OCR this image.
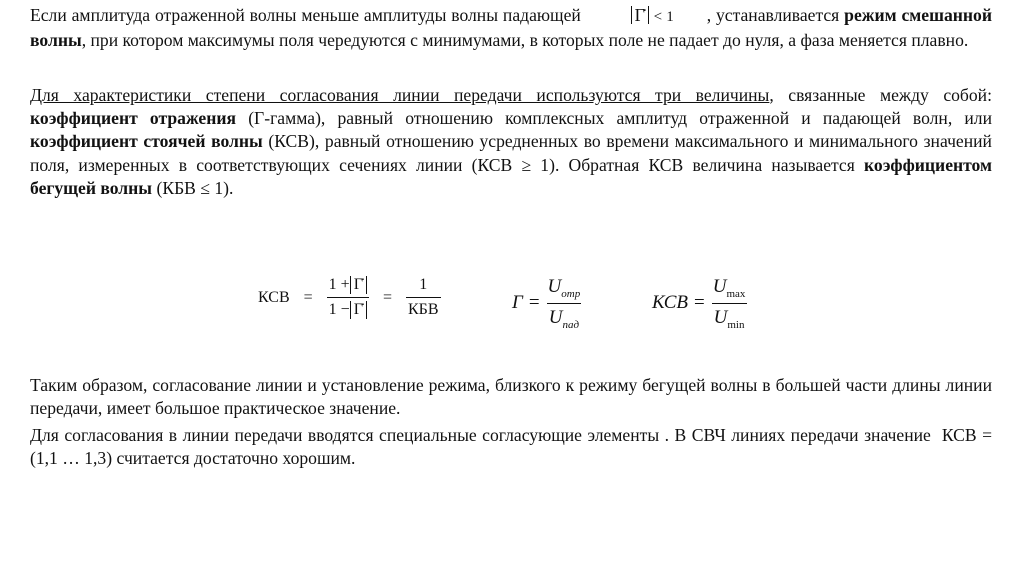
Если амплитуда отраженной волны меньше амплитуды волны падающей	Γ̇ < 1 , устанавливается режим смешанной волны, при котором максимумы поля чередуются с минимумами, в которых поле не падает до нуля, а фаза меняется плавно.
Для характеристики степени согласования линии передачи используются три величины, связанные между собой: коэффициент отражения (Г-гамма), равный отношению комплексных амплитуд отраженной и падающей волн, или коэффициент стоячей волны (КСВ), равный отношению усредненных во времени максимального и минимального значений поля, измеренных в соответствующих сечениях линии (КСВ ≥ 1). Обратная КСВ величина называется коэффициентом бегущей волны (КБВ ≤ 1).
КСВ = $\frac{1 + \Gammȧ}{1 - \Gammȧ} = \frac{1}{\text{КБВ}}$	$Г = \frac{U_{отр}}{U_{пад}}$	КСВ = $\frac{U_{max}}{U_{min}}$
Таким образом, согласование линии и установление режима, близкого к режиму бегущей волны в большей части длины линии передачи, имеет большое практическое значение.
Для согласования в линии передачи вводятся специальные согласующие элементы . В СВЧ линиях передачи значение  КСВ = (1,1 … 1,3) считается достаточно хорошим.
